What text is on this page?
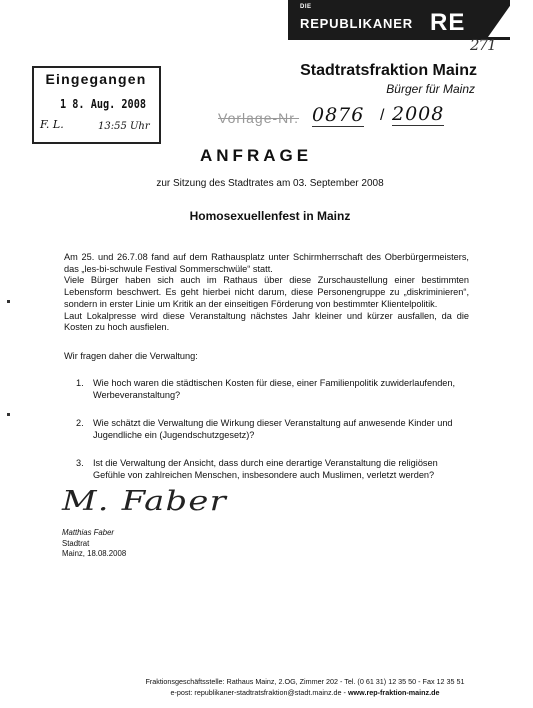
DIE
REPUBLIKANER RE
271
Eingegangen
1 8. Aug. 2008
F. L.	13:55 Uhr
Stadtratsfraktion Mainz
Bürger für Mainz
Vorlage-Nr. 0876 / 2008
ANFRAGE
zur Sitzung des Stadtrates am 03. September 2008
Homosexuellenfest in Mainz

Am 25. und 26.7.08 fand auf dem Rathausplatz unter Schirmherrschaft des Oberbürgermeisters, das „les-bi-schwule Festival Sommerschwüle“ statt.

Viele Bürger haben sich auch im Rathaus über diese Zurschaustellung einer bestimmten Lebensform beschwert. Es geht hierbei nicht darum, diese Personengruppe zu „diskriminieren“, sondern in erster Linie um Kritik an der einseitigen Förderung von bestimmter Klientelpolitik.

Laut Lokalpresse wird diese Veranstaltung nächstes Jahr kleiner und kürzer ausfallen, da die Kosten zu hoch ausfielen.

Wir fragen daher die Verwaltung:
1. Wie hoch waren die städtischen Kosten für diese, einer Familienpolitik zuwiderlaufenden, Werbeveranstaltung?
2. Wie schätzt die Verwaltung die Wirkung dieser Veranstaltung auf anwesende Kinder und Jugendliche ein (Jugendschutzgesetz)?
3. Ist die Verwaltung der Ansicht, dass durch eine derartige Veranstaltung die religiösen Gefühle von zahlreichen Menschen, insbesondere auch Muslimen, verletzt werden?
M. Faber
Matthias Faber
Stadtrat
Mainz, 18.08.2008
Fraktionsgeschäftsstelle: Rathaus Mainz, 2.OG, Zimmer 202 - Tel. (0 61 31) 12 35 50 - Fax 12 35 51
e-post: republikaner-stadtratsfraktion@stadt.mainz.de - www.rep-fraktion-mainz.de
